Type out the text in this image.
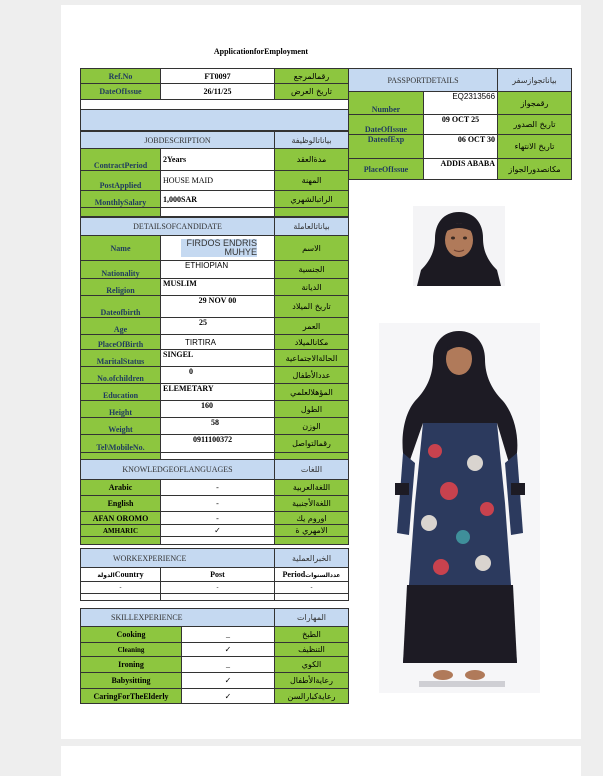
ApplicationforEmployment
Ref.No	FT0097	رقمالمرجع
DateOfIssue	26/11/25	تاريخ العرض

JOBDESCRIPTION		بياناتالوظيفة
ContractPeriod	2Years	مدةالعقد
PostApplied	HOUSE MAID	المهنة
MonthlySalary	1,000SAR	الراتبالشهري

PASSPORTDETAILS		بياناتجوازسفر
Number	EQ2313566	رقمجواز
DateOfIssue	09 OCT 25	تاريخ الصدور
DateofExp	06 OCT 30	تاريخ الانتهاء
PlaceOfIssue	ADDIS ABABA	مكانصدورالجواز
DETAILSOFCANDIDATE		بياناتالعاملة
Name	FIRDOS ENDRIS MUHYE	الاسم
Nationality	ETHIOPIAN	الجنسية
Religion	MUSLIM	الديانة
Dateofbirth	29 NOV 00	تاريخ الميلاد
Age	25	العمر
PlaceOfBirth	TIRTIRA	مكانالميلاد
MaritalStatus	SINGEL	الحالةالاجتماعية
No.ofchildren	0	عددالأطفال
Education	ELEMETARY	المؤهلالعلمي
Height	160	الطول
Weight	58	الوزن
Tel\MobileNo.	0911100372	رقمالتواصل

KNOWLEDGEOFLANGUAGES		اللغات
Arabic	-	اللغةالعربية
English	-	اللغةالأجنبية
AFAN OROMO	-	اوروم يك
AMHARIC	✓	الامهري ة

WORKEXPERIENCE		الخبرالعملية
الدولةCountry	Post	Periodعددالسنوات
-	-	-

SKILLEXPERIENCE		المهارات
Cooking	_	الطبخ
Cleaning	✓	التنظيف
Ironing	_	الكوي
Babysitting	✓	رعايةالأطفال
CaringForTheElderly	✓	رعايةكبارالسن
